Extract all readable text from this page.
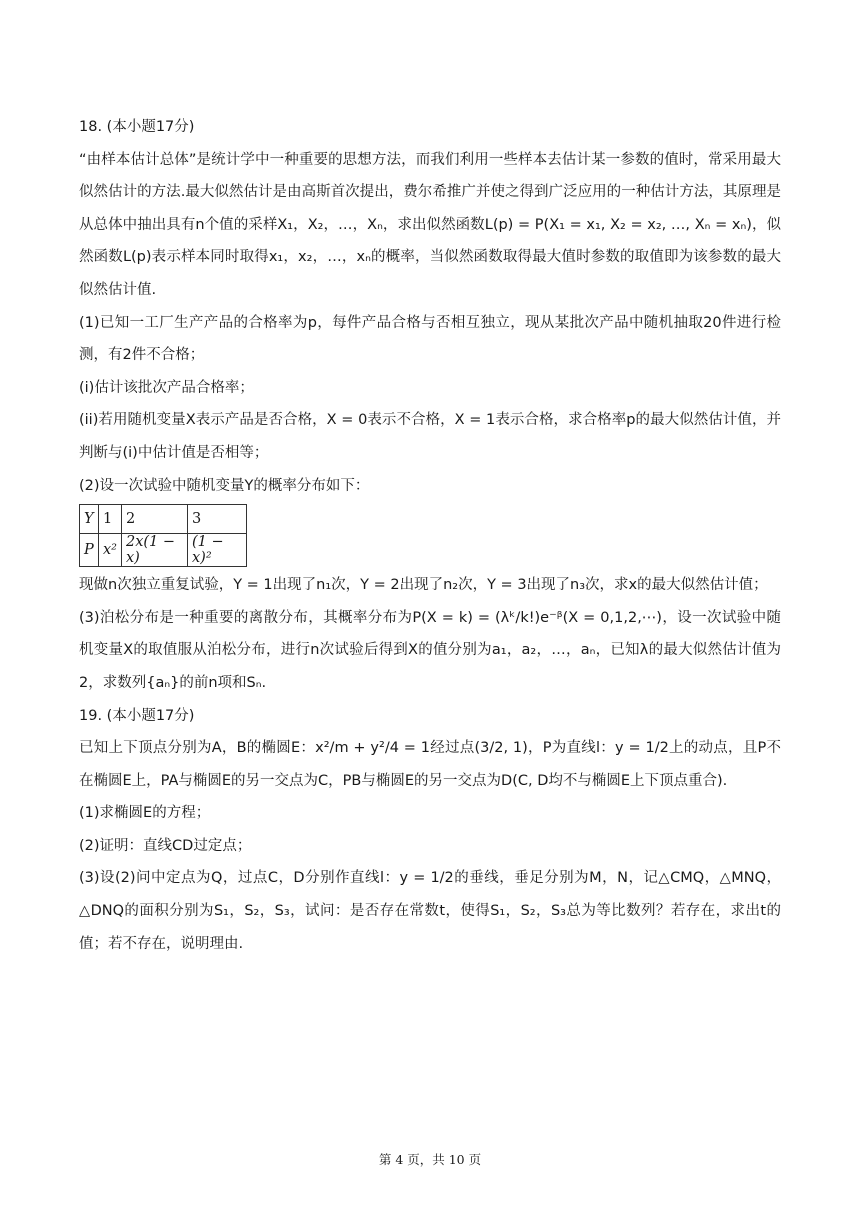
18. (本小题17分)

“由样本估计总体”是统计学中一种重要的思想方法，而我们利用一些样本去估计某一参数的值时，常采用最大似然估计的方法.最大似然估计是由高斯首次提出，费尔希推广并使之得到广泛应用的一种估计方法，其原理是从总体中抽出具有n个值的采样X₁，X₂，…，Xₙ，求出似然函数L(p) = P(X₁ = x₁, X₂ = x₂, …, Xₙ = xₙ)，似然函数L(p)表示样本同时取得x₁，x₂，…，xₙ的概率，当似然函数取得最大值时参数的取值即为该参数的最大似然估计值.

(1)已知一工厂生产产品的合格率为p，每件产品合格与否相互独立，现从某批次产品中随机抽取20件进行检测，有2件不合格；

(i)估计该批次产品合格率；

(ii)若用随机变量X表示产品是否合格，X = 0表示不合格，X = 1表示合格，求合格率p的最大似然估计值，并判断与(i)中估计值是否相等；

(2)设一次试验中随机变量Y的概率分布如下：

Y	1	2	3
P	x²	2x(1 − x)	(1 − x)²

现做n次独立重复试验，Y = 1出现了n₁次，Y = 2出现了n₂次，Y = 3出现了n₃次，求x的最大似然估计值；

(3)泊松分布是一种重要的离散分布，其概率分布为P(X = k) = (λᵏ/k!)e⁻ᵝ(X = 0,1,2,⋯)，设一次试验中随机变量X的取值服从泊松分布，进行n次试验后得到X的值分别为a₁，a₂，…，aₙ，已知λ的最大似然估计值为2，求数列{aₙ}的前n项和Sₙ.

19. (本小题17分)

已知上下顶点分别为A，B的椭圆E：x²/m + y²/4 = 1经过点(3/2, 1)，P为直线l：y = 1/2上的动点，且P不在椭圆E上，PA与椭圆E的另一交点为C，PB与椭圆E的另一交点为D(C, D均不与椭圆E上下顶点重合).

(1)求椭圆E的方程；

(2)证明：直线CD过定点；

(3)设(2)问中定点为Q，过点C，D分别作直线l：y = 1/2的垂线，垂足分别为M，N，记△CMQ，△MNQ，△DNQ的面积分别为S₁，S₂，S₃，试问：是否存在常数t，使得S₁，S₂，S₃总为等比数列？若存在，求出t的值；若不存在，说明理由.

第 4 页，共 10 页
